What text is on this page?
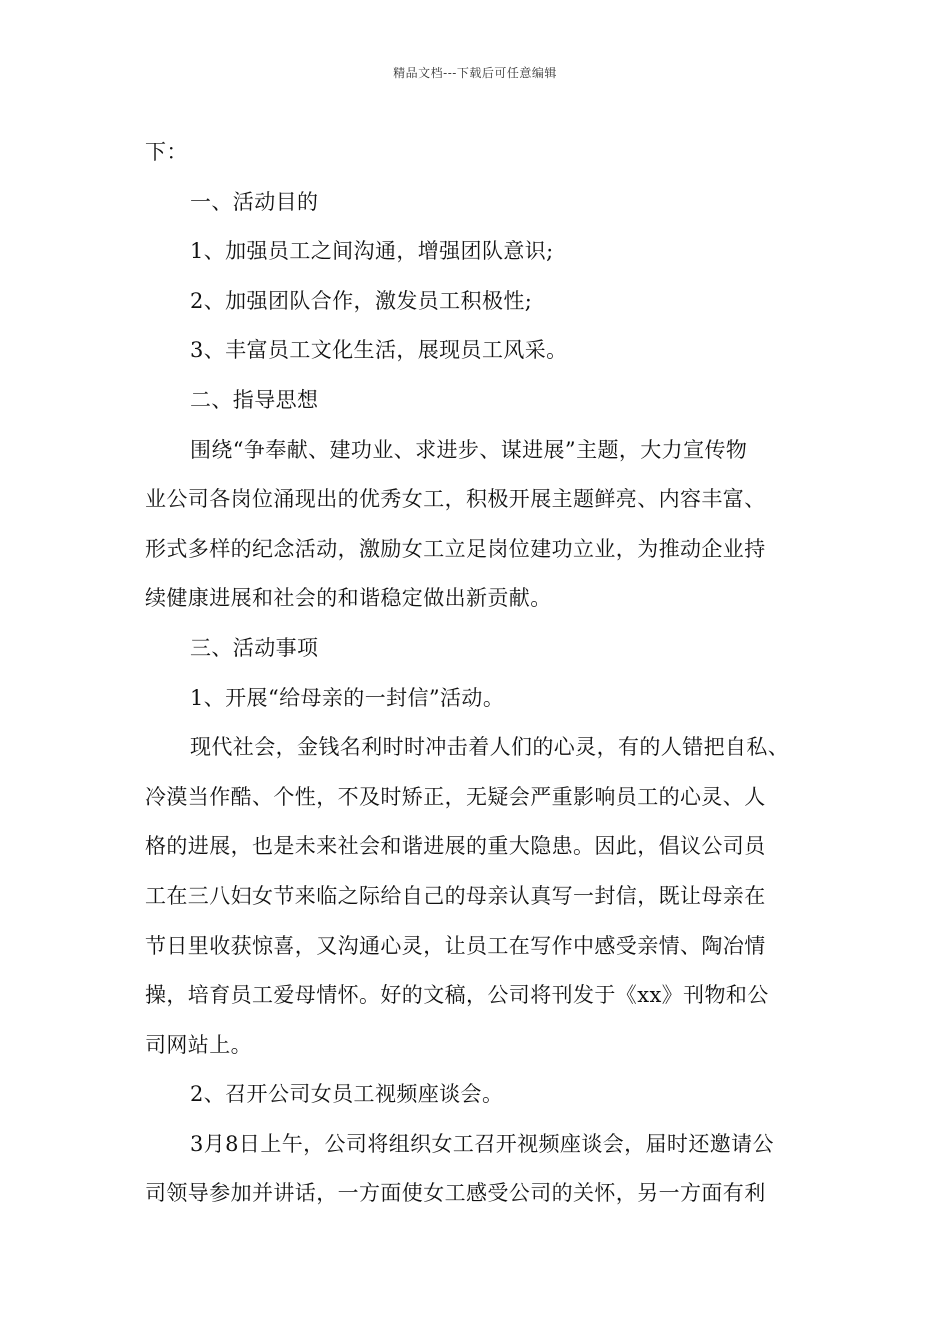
精品文档---下载后可任意编辑
下：
一、活动目的
1、加强员工之间沟通，增强团队意识;
2、加强团队合作，激发员工积极性;
3、丰富员工文化生活，展现员工风采。
二、指导思想
围绕“争奉献、建功业、求进步、谋进展”主题，大力宣传物
业公司各岗位涌现出的优秀女工，积极开展主题鲜亮、内容丰富、
形式多样的纪念活动，激励女工立足岗位建功立业，为推动企业持
续健康进展和社会的和谐稳定做出新贡献。
三、活动事项
1、开展“给母亲的一封信”活动。
现代社会，金钱名利时时冲击着人们的心灵，有的人错把自私、
冷漠当作酷、个性，不及时矫正，无疑会严重影响员工的心灵、人
格的进展，也是未来社会和谐进展的重大隐患。因此，倡议公司员
工在三八妇女节来临之际给自己的母亲认真写一封信，既让母亲在
节日里收获惊喜，又沟通心灵，让员工在写作中感受亲情、陶冶情
操，培育员工爱母情怀。好的文稿，公司将刊发于《xx》刊物和公
司网站上。
2、召开公司女员工视频座谈会。
3月8日上午，公司将组织女工召开视频座谈会，届时还邀请公
司领导参加并讲话，一方面使女工感受公司的关怀，另一方面有利
